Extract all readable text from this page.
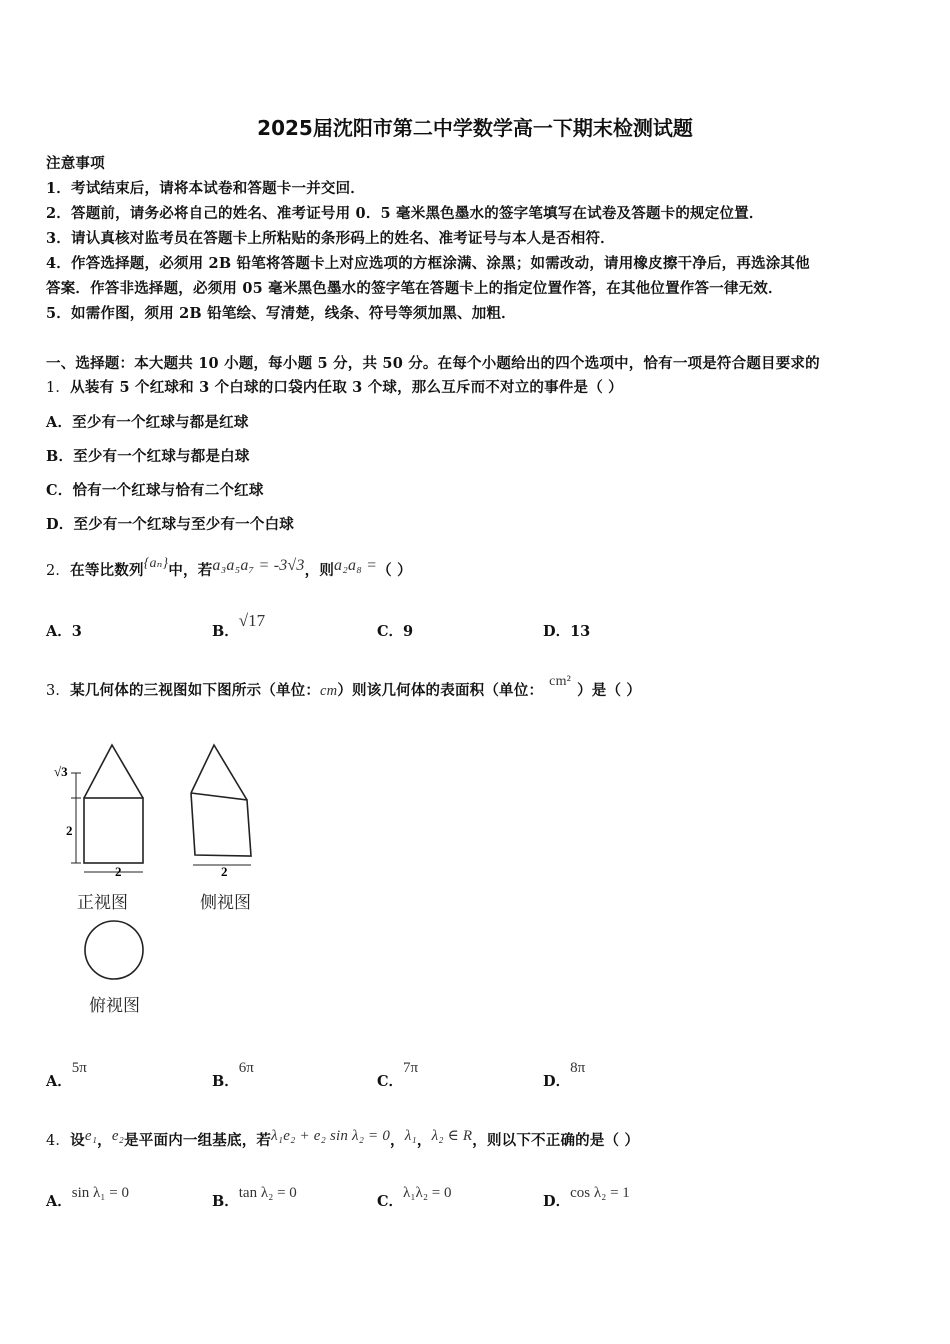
2025届沈阳市第二中学数学高一下期末检测试题
注意事项
1．考试结束后，请将本试卷和答题卡一并交回．
2．答题前，请务必将自己的姓名、准考证号用 0．5 毫米黑色墨水的签字笔填写在试卷及答题卡的规定位置．
3．请认真核对监考员在答题卡上所粘贴的条形码上的姓名、准考证号与本人是否相符．
4．作答选择题，必须用 2B 铅笔将答题卡上对应选项的方框涂满、涂黑；如需改动，请用橡皮擦干净后，再选涂其他
答案．作答非选择题，必须用 05 毫米黑色墨水的签字笔在答题卡上的指定位置作答，在其他位置作答一律无效．
5．如需作图，须用 2B 铅笔绘、写清楚，线条、符号等须加黑、加粗．
一、选择题：本大题共 10 小题，每小题 5 分，共 50 分。在每个小题给出的四个选项中，恰有一项是符合题目要求的
1．从装有 5 个红球和 3 个白球的口袋内任取 3 个球，那么互斥而不对立的事件是（ ）
A．至少有一个红球与都是红球
B．至少有一个红球与都是白球
C．恰有一个红球与恰有二个红球
D．至少有一个红球与至少有一个白球
2．在等比数列{aₙ}中，若a₃a₅a₇ = -3√3，则a₂a₈ =（ ）
A．3	B．√17
C．9	D．13
3．某几何体的三视图如下图所示（单位：cm）则该几何体的表面积（单位：cm²）是（ ）
√3
2
2	2
正视图	侧视图
俯视图
A．5π
B．6π
C．7π
D．8π
4．设e₁，e₂是平面内一组基底，若λ₁e₂ + e₂ sin λ₂ = 0，λ₁，λ₂ ∈ R，则以下不正确的是（ ）
A．sin λ₁ = 0	B．tan λ₂ = 0	C．λ₁λ₂ = 0	D．cos λ₂ = 1
